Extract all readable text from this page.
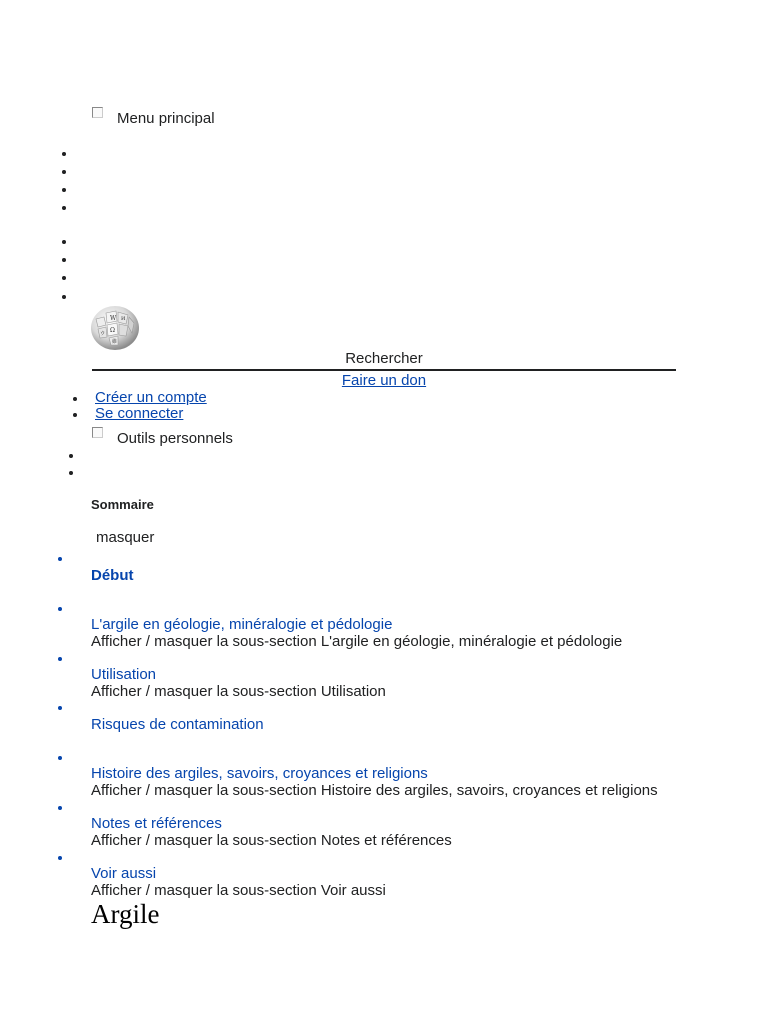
Menu principal
W И
Ω
ウ
維
Rechercher
Faire un don
Créer un compte
Se connecter
Outils personnels
Sommaire
masquer
Début
L'argile en géologie, minéralogie et pédologie
Afficher / masquer la sous-section L'argile en géologie, minéralogie et pédologie
Utilisation
Afficher / masquer la sous-section Utilisation
Risques de contamination
Histoire des argiles, savoirs, croyances et religions
Afficher / masquer la sous-section Histoire des argiles, savoirs, croyances et religions
Notes et références
Afficher / masquer la sous-section Notes et références
Voir aussi
Afficher / masquer la sous-section Voir aussi
Argile
